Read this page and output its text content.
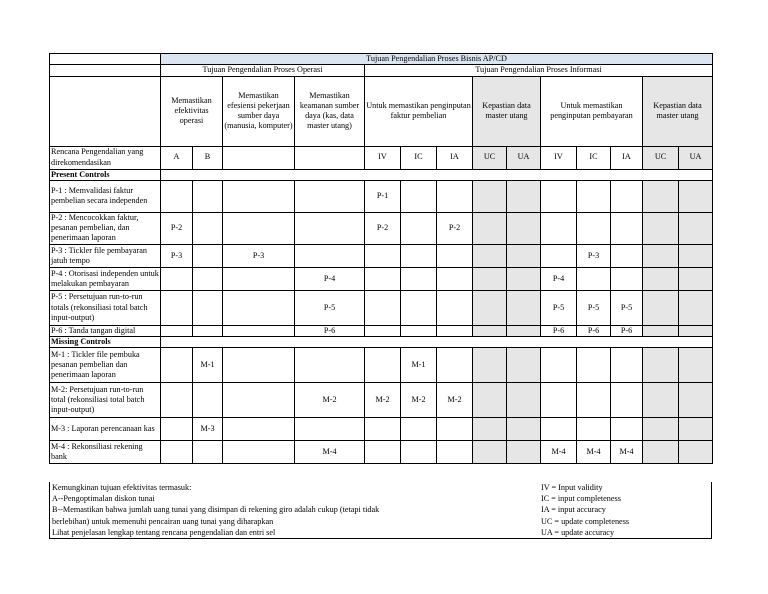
	Tujuan Pengendalian Proses Bisnis AP/CD													
	Tujuan Pengendalian Proses Operasi				Tujuan Pengendalian Proses Informasi									
	Memastikan efektivitas operasi		Memastikan efesiensi pekerjaan sumber daya (manusia, komputer)	Memastikan keamanan sumber daya (kas, data master utang)	Untuk memastikan penginputan faktur pembelian			Kepastian data master utang		Untuk memastikan penginputan pembayaran			Kepastian data master utang	
Rencana Pengendalian yang direkomendasikan	A	B			IV	IC	IA	UC	UA	IV	IC	IA	UC	UA
Present Controls														
P-1 : Memvalidasi faktur pembelian secara independen					P-1									
P-2 : Mencocokkan faktur, pesanan pembelian, dan penerimaan laporan	P-2				P-2		P-2							
P-3 : Tickler file pembayaran jatuh tempo	P-3		P-3								P-3			
P-4 : Otorisasi independen untuk melakukan pembayaran				P-4						P-4				
P-5 : Persetujuan run-to-run totals (rekonsiliasi total batch input-output)				P-5						P-5	P-5	P-5		
P-6 : Tanda tangan digital				P-6						P-6	P-6	P-6		
Missing Controls														
M-1 : Tickler file pembuka pesanan pembelian dan penerimaan laporan		M-1				M-1								
M-2: Persetujuan run-to-run total (rekonsiliasi total batch input-output)				M-2	M-2	M-2	M-2							
M-3 : Laporan perencanaan kas		M-3												
M-4 : Rekonsiliasi rekening bank				M-4						M-4	M-4	M-4		
Kemungkinan tujuan efektivitas termasuk:
A--Pengoptimalan diskon tunai
B--Memastikan bahwa jumlah uang tunai yang disimpan di rekening giro adalah cukup (tetapi tidak
berlebihan) untuk memenuhi pencairan uang tunai yang diharapkan
Lihat penjelasan lengkap tentang rencana pengendalian dan entri sel
IV = Input validity
IC = input completeness
IA = input accuracy
UC = update completeness
UA = update accuracy
